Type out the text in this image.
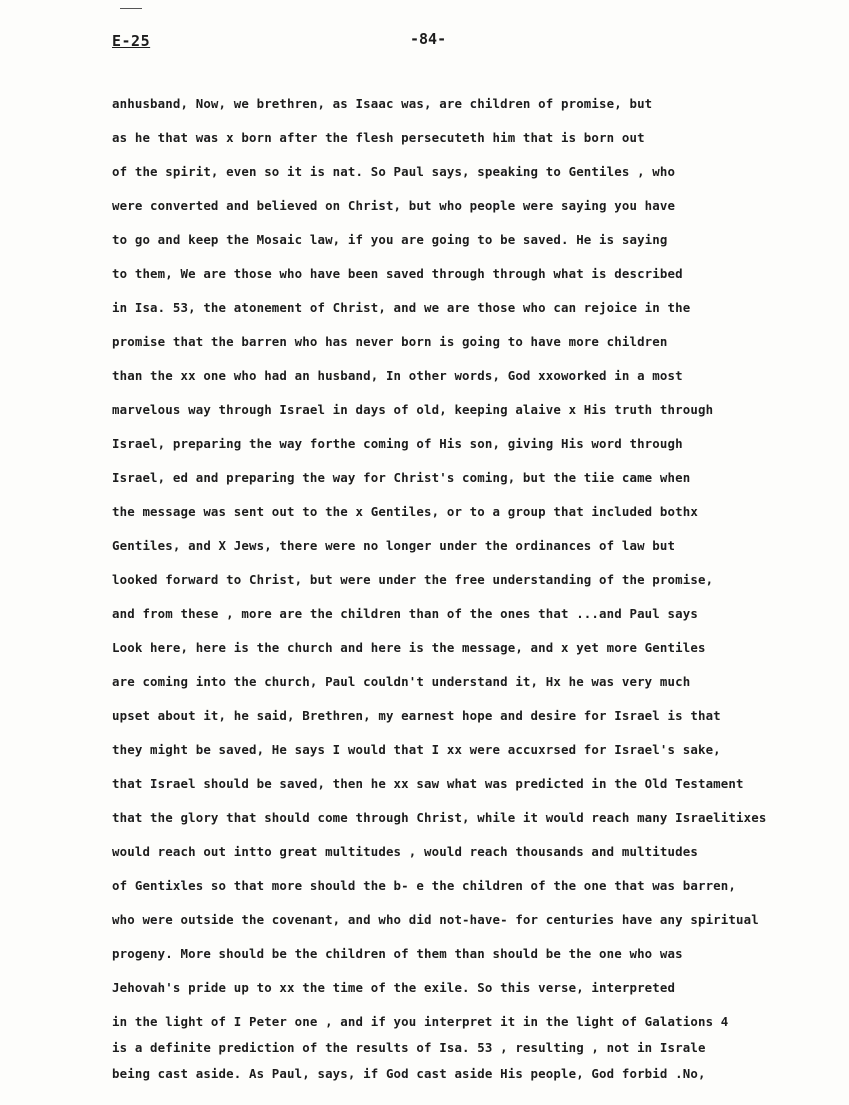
E-25	-84-
anhusband, Now, we brethren, as Isaac was, are children of promise, but
as he that was x born after the flesh persecuteth him that is born out
of the spirit, even so it is nat. So Paul says, speaking to Gentiles , who
were converted and believed on Christ, but who people were saying you have
to go and keep the Mosaic law, if you are going to be saved. He is saying
to them, We are those who have been saved through through what is described
in Isa. 53, the atonement of Christ, and we are those who can rejoice in the
promise that the barren who has never born is going to have more children
than the xx one who had an husband, In other words, God xxoworked in a most
marvelous way through Israel in days of old, keeping alaive x His truth through
Israel, preparing the way forthe coming of His son, giving His word through
Israel, ed and preparing the way for Christ's coming, but the tiie came when
the message was sent out to the x Gentiles, or to a group that included bothx
Gentiles, and X Jews, there were no longer under the ordinances of law but
looked forward to Christ, but were under the free understanding of the promise,
and from these , more are the children than of the ones that ...and Paul says
Look here, here is the church and here is the message, and x yet more Gentiles
are coming into the church, Paul couldn't understand it, Hx he was very much
upset about it, he said, Brethren, my earnest hope and desire for Israel is that
they might be saved, He says I would that I xx were accuxrsed for Israel's sake,
that Israel should be saved, then he xx saw what was predicted in the Old Testament
that the glory that should come through Christ, while it would reach many Israelitixes
would reach out intto great multitudes , would reach thousands and multitudes
of Gentixles so that more should the b- e the children of the one that was barren,
who were outside the covenant, and who did not-have- for centuries have any spiritual
progeny. More should be the children of them than should be the one who was
Jehovah's pride up to xx the time of the exile. So this verse, interpreted
in the light of I Peter one , and if you interpret it in the light of Galations 4
is a definite prediction of the results of Isa. 53 , resulting , not in Israle
being cast aside. As Paul, says, if God cast aside His people, God forbid .No,
